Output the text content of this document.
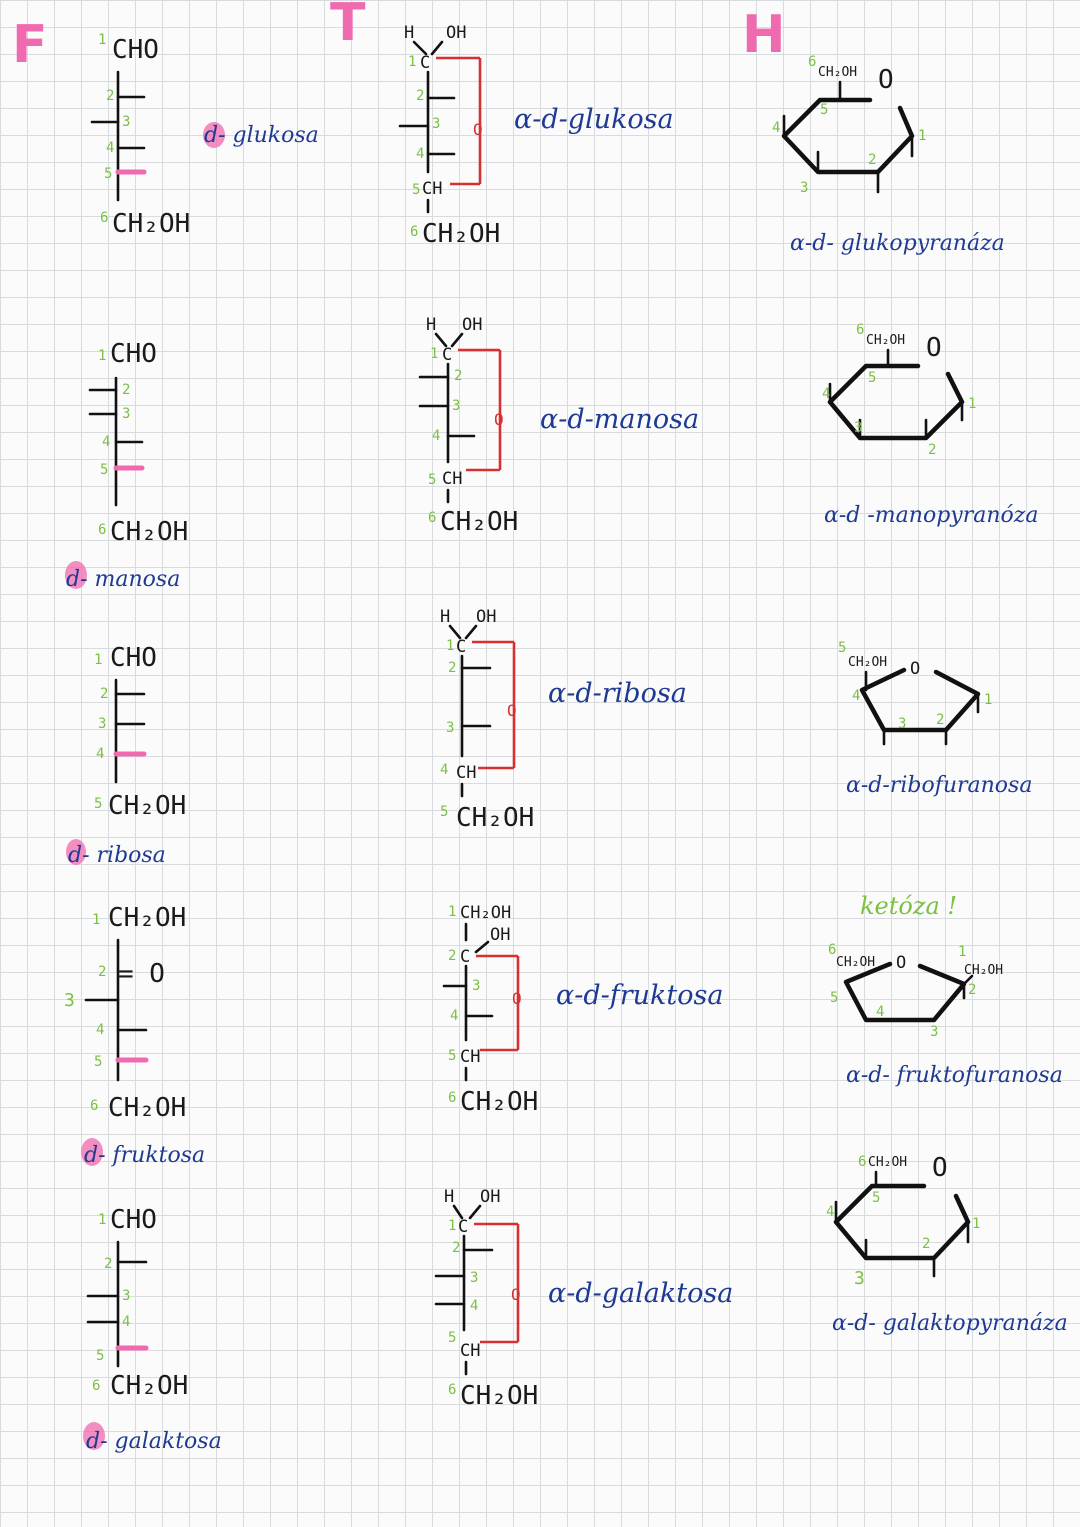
F	T	H
1 CHO
2
3
4
5
6 CH₂OH
d- glukosa
H OH
1 C
O
2
3
4
5 CH
6 CH₂OH
α-d-glukosa
6
CH₂OH O
5
4
3
2
1
α-d- glukopyranáza
1 CHO
2
3
4
5
6 CH₂OH
d- manosa
H OH
1 C
O
2
3
4
5 CH
6 CH₂OH
α-d-manosa
6
CH₂OH O
5
4
3
2
1
α-d -manopyranóza
1 CHO
2
3
4
5 CH₂OH
d- ribosa
H OH
1 C
O
2
3
4 CH
5 CH₂OH
α-d-ribosa
5
CH₂OH O
4
3 2
1
α-d-ribofuranosa
1 CH₂OH
= O
2
3
4
5
6 CH₂OH
d- fruktosa
1 CH₂OH
OH
2 C
O
3
4
5 CH
6 CH₂OH
α-d-fruktosa
ketóza !
6
CH₂OH O	CH₂OH
1
5
4
3
2
α-d- fruktofuranosa
1 CHO
2
3
4
5
6 CH₂OH
d- galaktosa
H OH
1 C
O
2
3
4
5
CH
6 CH₂OH
α-d-galaktosa
6 CH₂OH O
5
4
3
2
1
α-d- galaktopyranáza
